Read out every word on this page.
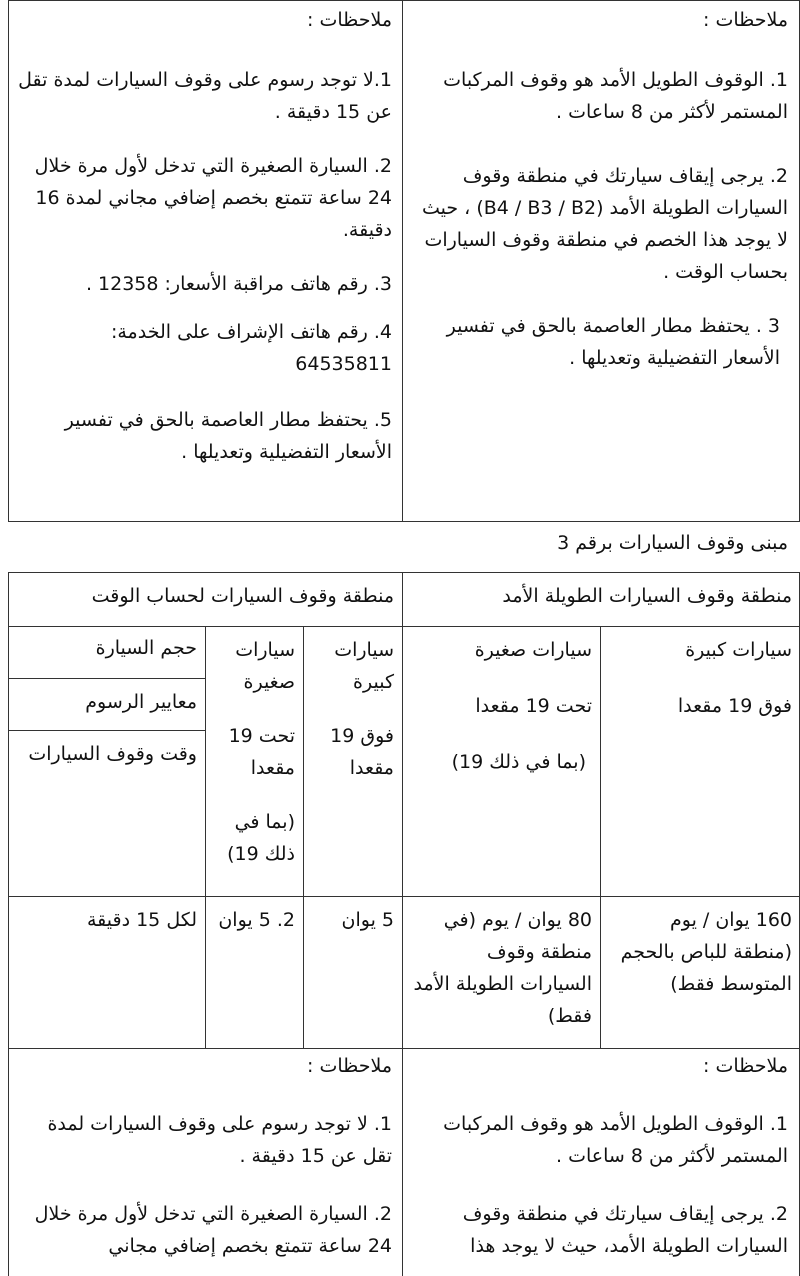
ملاحظات :

1. الوقوف الطويل الأمد هو وقوف المركبات المستمر لأكثر من 8 ساعات .

2. يرجى إيقاف سيارتك في منطقة وقوف السيارات الطويلة الأمد (B4 / B3 / B2) ، حيث لا يوجد هذا الخصم في منطقة وقوف السيارات بحساب الوقت .

3 . يحتفظ مطار العاصمة بالحق في تفسير الأسعار التفضيلية وتعديلها .

ملاحظات :

1.لا توجد رسوم على وقوف السيارات لمدة تقل عن 15 دقيقة .

2. السيارة الصغيرة التي تدخل لأول مرة خلال 24 ساعة تتمتع بخصم إضافي مجاني لمدة 16 دقيقة.

3. رقم هاتف مراقبة الأسعار: 12358 .

4. رقم هاتف الإشراف على الخدمة: 64535811

5. يحتفظ مطار العاصمة بالحق في تفسير الأسعار التفضيلية وتعديلها .

مبنى وقوف السيارات برقم 3
منطقة وقوف السيارات الطويلة الأمد
منطقة وقوف السيارات لحساب الوقت
سيارات كبيرة
فوق 19 مقعدا
سيارات صغيرة
تحت 19 مقعدا
(بما في ذلك 19)
سيارات كبيرة
فوق 19 مقعدا
سيارات صغيرة
تحت 19 مقعدا
(بما في ذلك 19)
حجم السيارة
معايير الرسوم
وقت وقوف السيارات
160 يوان / يوم (منطقة للباص بالحجم المتوسط فقط)
80 يوان / يوم (في منطقة وقوف السيارات الطويلة الأمد فقط)
5 يوان
2. 5 يوان
لكل 15 دقيقة
ملاحظات :

1. الوقوف الطويل الأمد هو وقوف المركبات المستمر لأكثر من 8 ساعات .

2. يرجى إيقاف سيارتك في منطقة وقوف السيارات الطويلة الأمد، حيث لا يوجد هذا

ملاحظات :

1. لا توجد رسوم على وقوف السيارات لمدة تقل عن 15 دقيقة .

2. السيارة الصغيرة التي تدخل لأول مرة خلال 24 ساعة تتمتع بخصم إضافي مجاني
